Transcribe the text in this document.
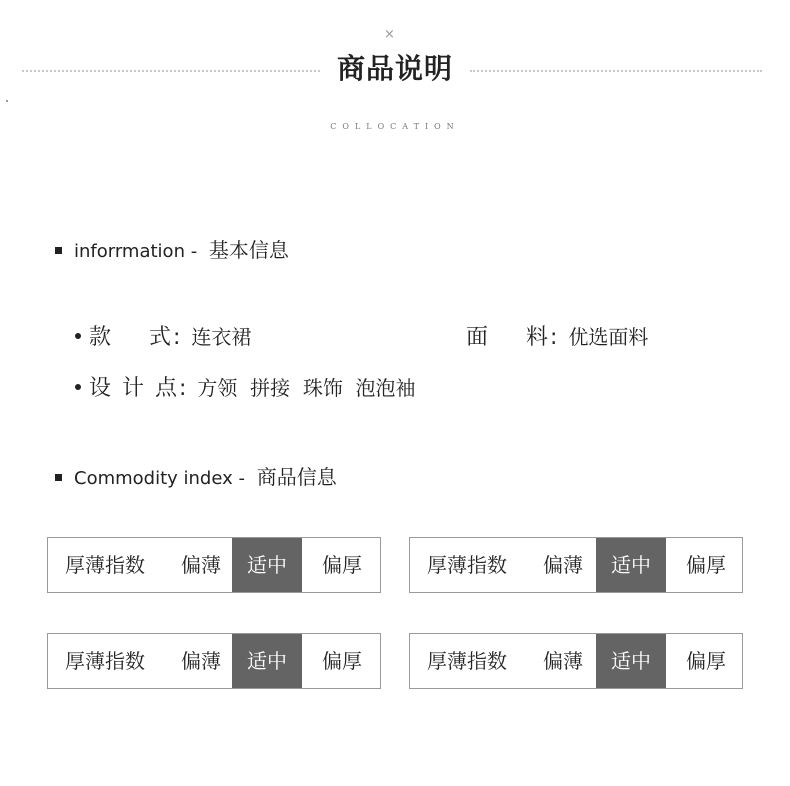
×
商品说明
COLLOCATION
inforrmation - 基本信息
款    式: 连衣裙	面    料: 优选面料
设 计 点: 方领  拼接  珠饰  泡泡袖
Commodity index - 商品信息
厚薄指数	偏薄	适中	偏厚	厚薄指数	偏薄	适中	偏厚
厚薄指数	偏薄	适中	偏厚	厚薄指数	偏薄	适中	偏厚
